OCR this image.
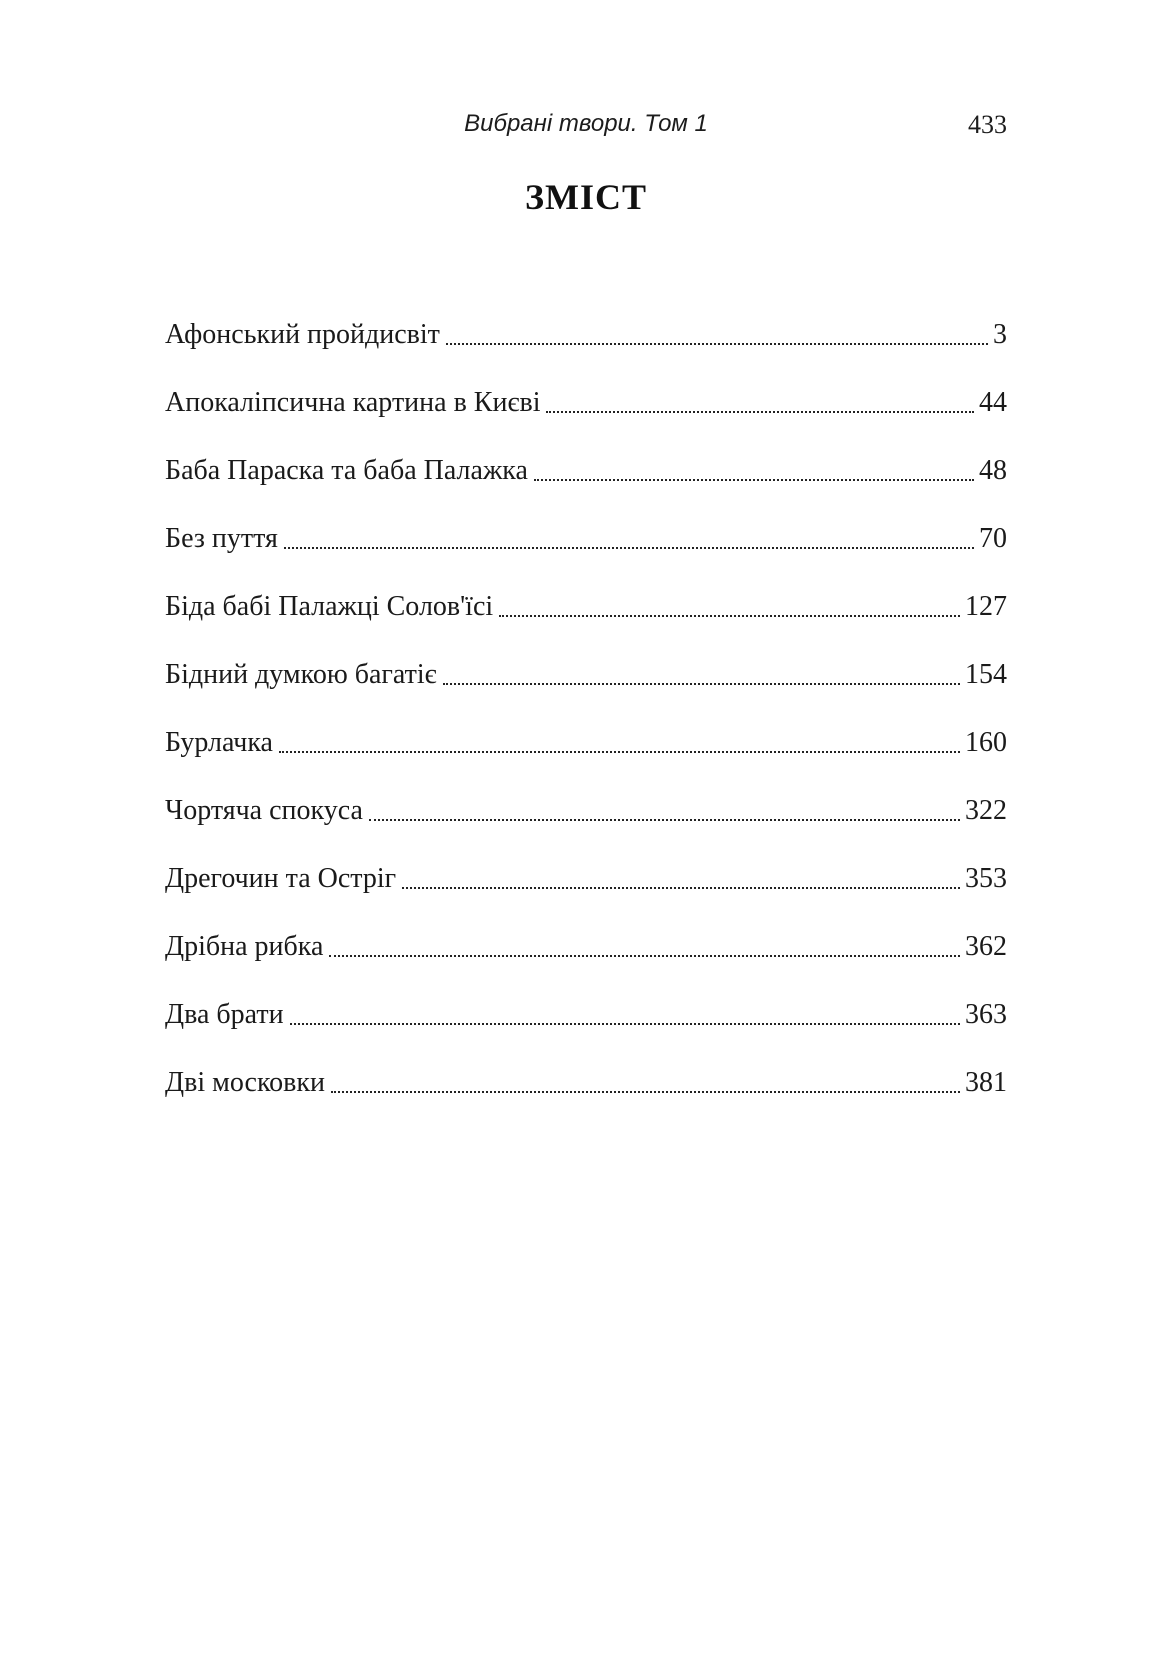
Вибрані твори. Том 1	433
ЗМІСТ
Афонський пройдисвіт	3
Апокаліпсична картина в Києві	44
Баба Параска та баба Палажка	48
Без пуття	70
Біда бабі Палажці Солов'їсі	127
Бідний думкою багатіє	154
Бурлачка	160
Чортяча спокуса	322
Дрегочин та Остріг	353
Дрібна рибка	362
Два брати	363
Дві московки	381
